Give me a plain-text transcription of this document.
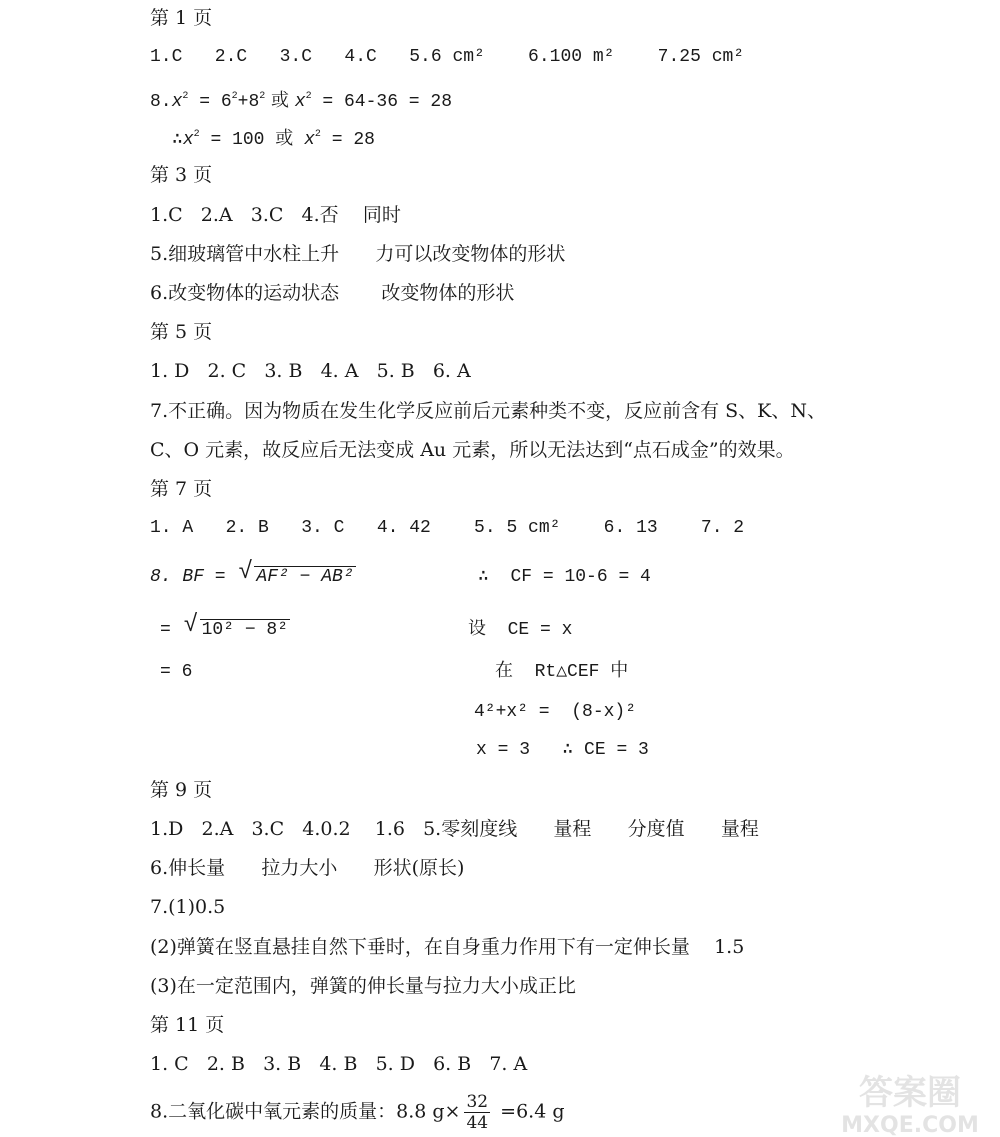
第 1 页
1.C   2.C   3.C   4.C   5.6 cm²    6.100 m²    7.25 cm²
$8.x^2 = 6^2+8^2$ 或 $x^2 = 64-36 = 28$
$\therefore x^2 = 100$ 或 $x^2 = 28$
第 3 页
1.C   2.A   3.C   4.否    同时
5.细玻璃管中水柱上升      力可以改变物体的形状
6.改变物体的运动状态       改变物体的形状
第 5 页
1. D   2. C   3. B   4. A   5. B   6. A
7.不正确。因为物质在发生化学反应前后元素种类不变，反应前含有 S、K、N、
C、O 元素，故反应后无法变成 Au 元素，所以无法达到“点石成金”的效果。
第 7 页
1. A   2. B   3. C   4. 42    5. 5 cm²    6. 13    7. 2
8. BF = √ AF² − AB²	∴  CF = 10-6 = 4
= √ 10² − 8²	设  CE = x
= 6	在  Rt△CEF 中
4²+x² =  (8-x)²
x = 3   ∴ CE = 3
第 9 页
1.D   2.A   3.C   4.0.2    1.6   5.零刻度线      量程      分度值      量程
6.伸长量      拉力大小      形状(原长)
7.(1)0.5
(2)弹簧在竖直悬挂自然下垂时，在自身重力作用下有一定伸长量    1.5
(3)在一定范围内，弹簧的伸长量与拉力大小成正比
第 11 页
1. C   2. B   3. B   4. B   5. D   6. B   7. A
8.二氧化碳中氧元素的质量：8.8 $g\times \frac{32}{44} =6.4$ g	答案圈
MXQE.COM
